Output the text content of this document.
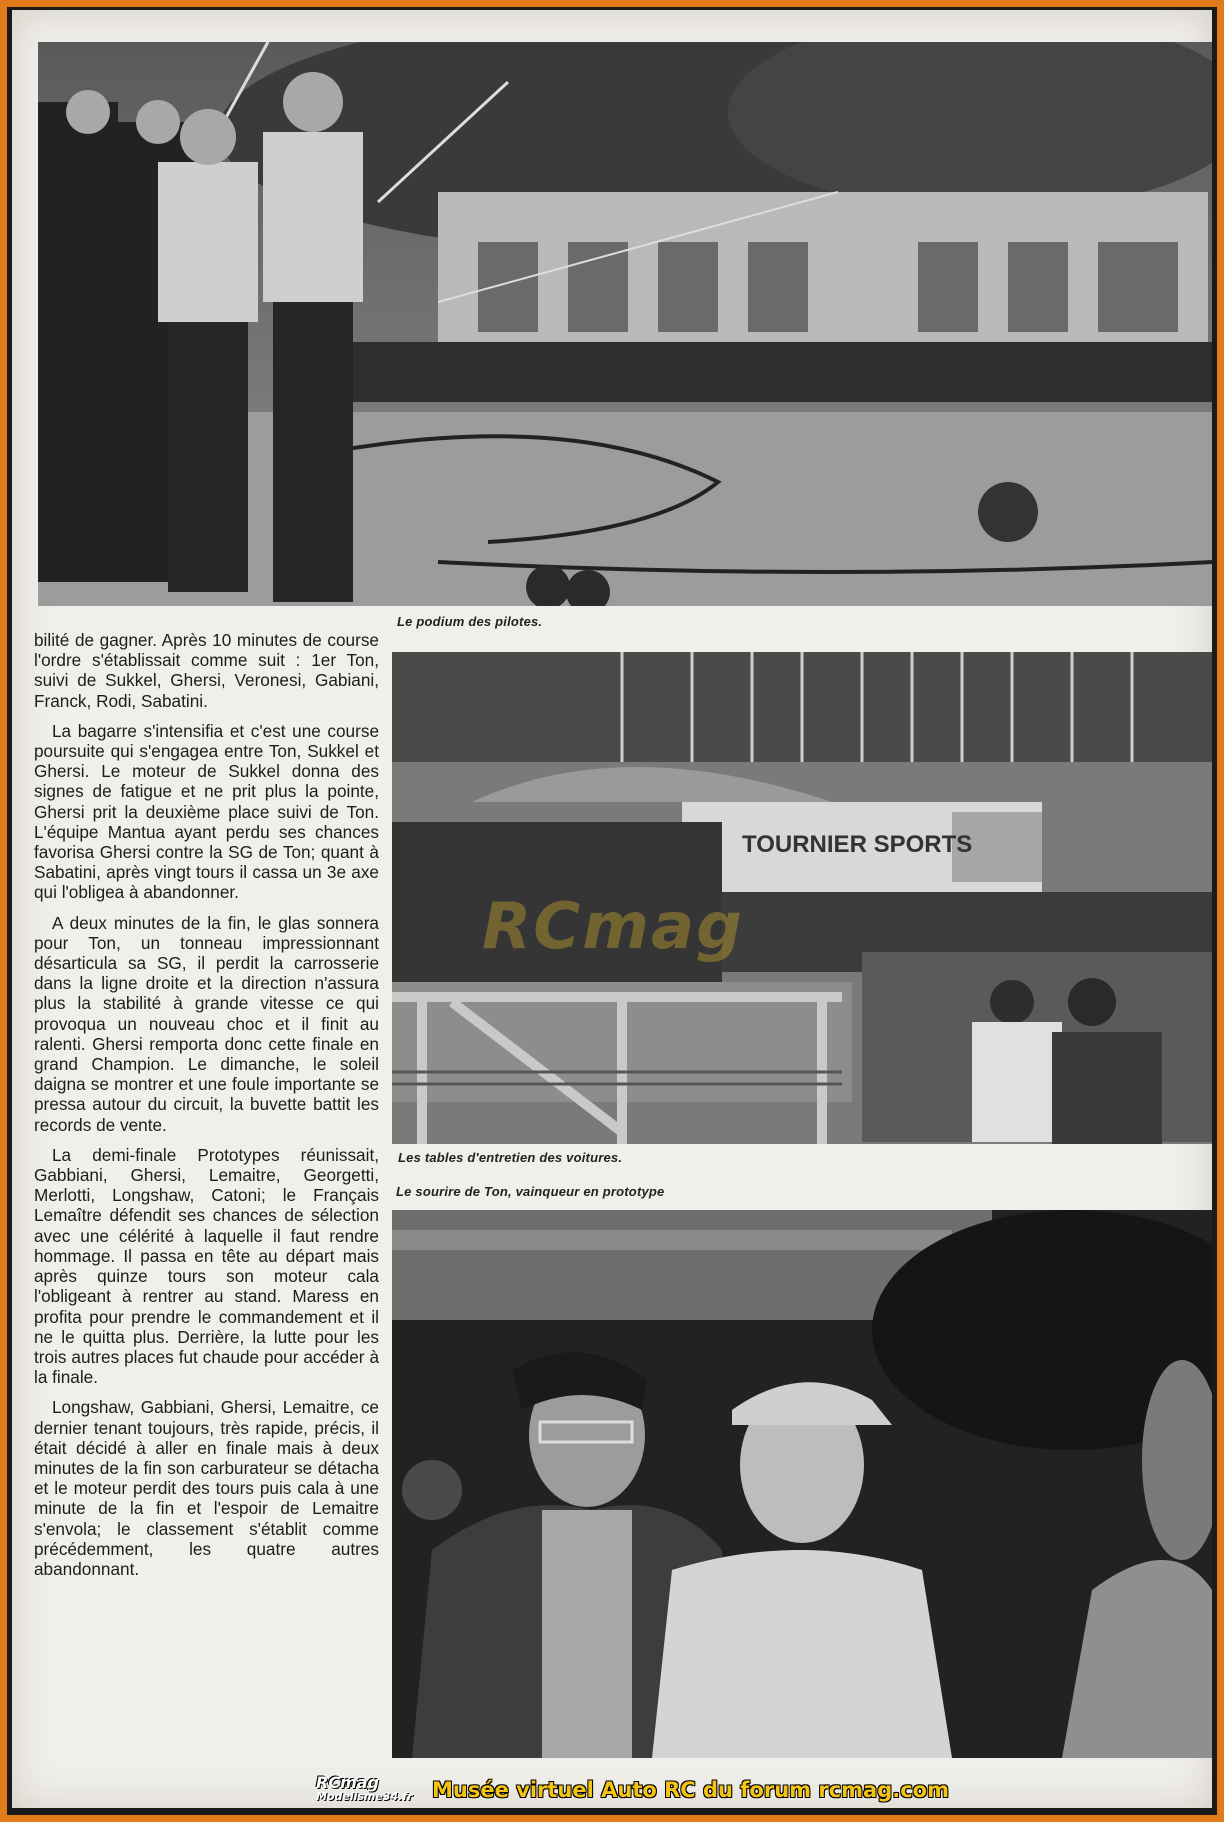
Le podium des pilotes.
TOURNIER SPORTS
Les tables d'entretien des voitures.
Le sourire de Ton, vainqueur en prototype
RCmag

bilité de gagner. Après 10 minutes de course l'ordre s'établissait comme suit : 1er Ton, suivi de Sukkel, Ghersi, Veronesi, Gabiani, Franck, Rodi, Sabatini.

La bagarre s'intensifia et c'est une course poursuite qui s'engagea entre Ton, Sukkel et Ghersi. Le moteur de Sukkel donna des signes de fatigue et ne prit plus la pointe, Ghersi prit la deuxième place suivi de Ton. L'équipe Mantua ayant perdu ses chances favorisa Ghersi contre la SG de Ton; quant à Sabatini, après vingt tours il cassa un 3e axe qui l'obligea à abandonner.

A deux minutes de la fin, le glas sonnera pour Ton, un tonneau impressionnant désarticula sa SG, il perdit la carrosserie dans la ligne droite et la direction n'assura plus la stabilité à grande vitesse ce qui provoqua un nouveau choc et il finit au ralenti. Ghersi remporta donc cette finale en grand Champion. Le dimanche, le soleil daigna se montrer et une foule importante se pressa autour du circuit, la buvette battit les records de vente.

La demi-finale Prototypes réunissait, Gabbiani, Ghersi, Lemaitre, Georgetti, Merlotti, Longshaw, Catoni; le Français Lemaître défendit ses chances de sélection avec une célérité à laquelle il faut rendre hommage. Il passa en tête au départ mais après quinze tours son moteur cala l'obligeant à rentrer au stand. Maress en profita pour prendre le commandement et il ne le quitta plus. Derrière, la lutte pour les trois autres places fut chaude pour accéder à la finale.

Longshaw, Gabbiani, Ghersi, Lemaitre, ce dernier tenant toujours, très rapide, précis, il était décidé à aller en finale mais à deux minutes de la fin son carburateur se détacha et le moteur perdit des tours puis cala à une minute de la fin et l'espoir de Lemaitre s'envola; le classement s'établit comme précédemment, les quatre autres abandonnant.

RCmag
Modelisme34.fr Musée virtuel Auto RC du forum rcmag.com
